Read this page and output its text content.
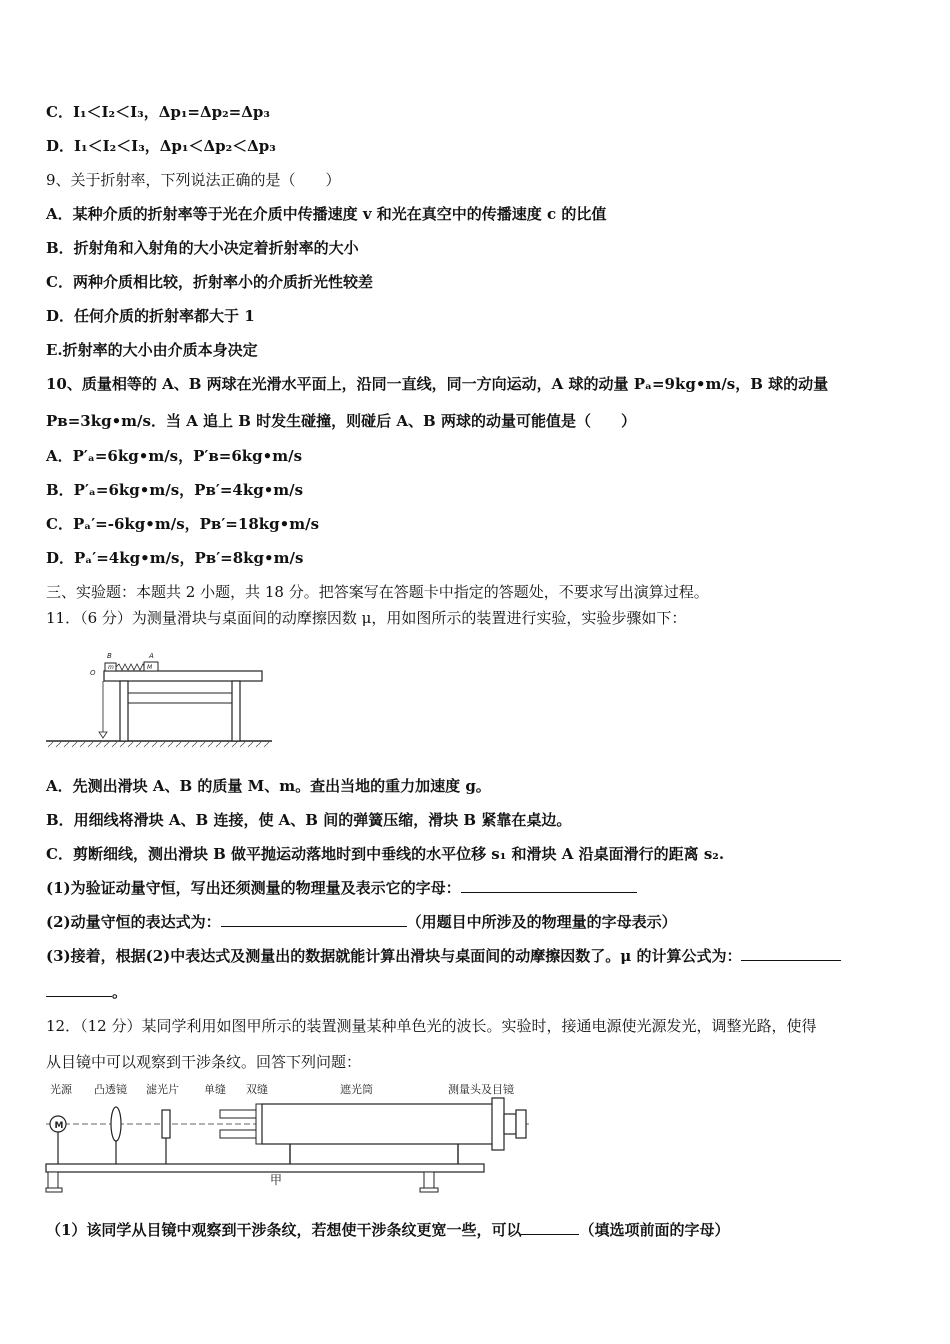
C．I₁＜I₂＜I₃，Δp₁=Δp₂=Δp₃
D．I₁＜I₂＜I₃，Δp₁＜Δp₂＜Δp₃
9、关于折射率，下列说法正确的是（　　）
A．某种介质的折射率等于光在介质中传播速度 v 和光在真空中的传播速度 c 的比值
B．折射角和入射角的大小决定着折射率的大小
C．两种介质相比较，折射率小的介质折光性较差
D．任何介质的折射率都大于 1
E.折射率的大小由介质本身决定
10、质量相等的 A、B 两球在光滑水平面上，沿同一直线，同一方向运动，A 球的动量 Pₐ=9kg•m/s，B 球的动量
Pʙ=3kg•m/s．当 A 追上 B 时发生碰撞，则碰后 A、B 两球的动量可能值是（　　）
A．P′ₐ=6kg•m/s，P′ʙ=6kg•m/s
B．P′ₐ=6kg•m/s，Pʙ′=4kg•m/s
C．Pₐ′=-6kg•m/s，Pʙ′=18kg•m/s
D．Pₐ′=4kg•m/s，Pʙ′=8kg•m/s
三、实验题：本题共 2 小题，共 18 分。把答案写在答题卡中指定的答题处，不要求写出演算过程。
11．（6 分）为测量滑块与桌面间的动摩擦因数 μ，用如图所示的装置进行实验，实验步骤如下：
B	A
M
m
O
A．先测出滑块 A、B 的质量 M、m。查出当地的重力加速度 g。
B．用细线将滑块 A、B 连接，使 A、B 间的弹簧压缩，滑块 B 紧靠在桌边。
C．剪断细线，测出滑块 B 做平抛运动落地时到中垂线的水平位移 s₁ 和滑块 A 沿桌面滑行的距离 s₂.
(1)为验证动量守恒，写出还须测量的物理量及表示它的字母：
(2)动量守恒的表达式为：	（用题目中所涉及的物理量的字母表示）
(3)接着，根据(2)中表达式及测量出的数据就能计算出滑块与桌面间的动摩擦因数了。μ 的计算公式为：
。
12．（12 分）某同学利用如图甲所示的装置测量某种单色光的波长。实验时，接通电源使光源发光，调整光路，使得
从目镜中可以观察到干涉条纹。回答下列问题：
光源 凸透镜 滤光片 单缝 双缝	遮光筒	测量头及目镜
M
甲
（1）该同学从目镜中观察到干涉条纹，若想使干涉条纹更宽一些，可以	（填选项前面的字母）
